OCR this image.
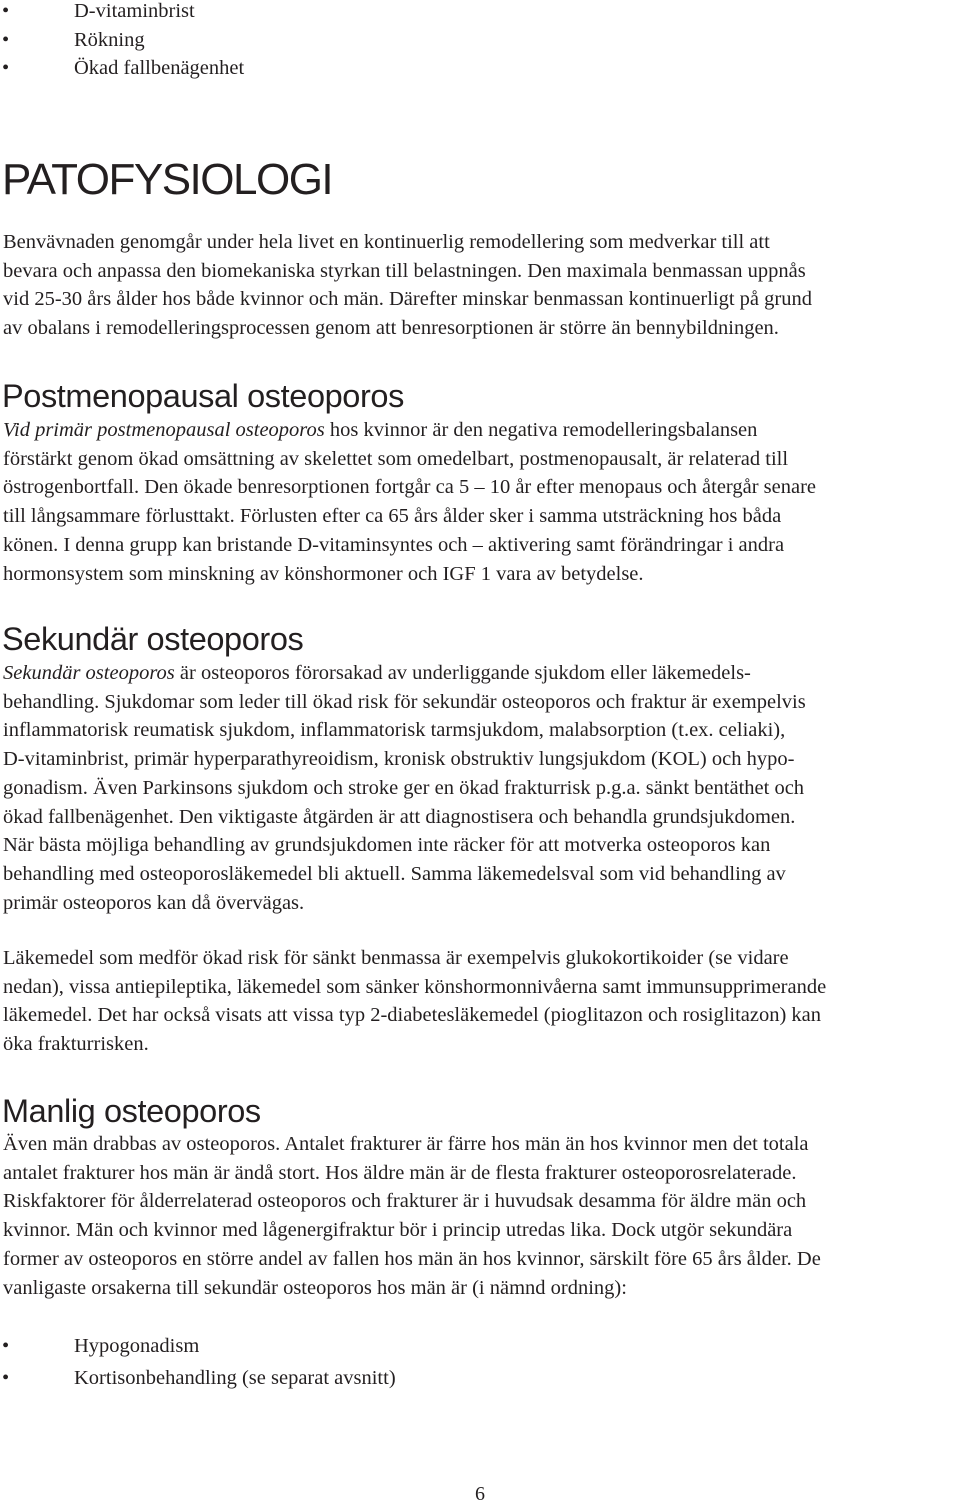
•	D-vitaminbrist
•	Rökning
•	Ökad fallbenägenhet
PATOFYSIOLOGI

Benvävnaden genomgår under hela livet en kontinuerlig remodellering som medverkar till att
bevara och anpassa den biomekaniska styrkan till belastningen. Den maximala benmassan uppnås
vid 25-30 års ålder hos både kvinnor och män. Därefter minskar benmassan kontinuerligt på grund
av obalans i remodelleringsprocessen genom att benresorptionen är större än bennybildningen.

Postmenopausal osteoporos

Vid primär postmenopausal osteoporos hos kvinnor är den negativa remodelleringsbalansen
förstärkt genom ökad omsättning av skelettet som omedelbart, postmenopausalt, är relaterad till
östrogenbortfall. Den ökade benresorptionen fortgår ca 5 – 10 år efter menopaus och återgår senare
till långsammare förlusttakt. Förlusten efter ca 65 års ålder sker i samma utsträckning hos båda
könen. I denna grupp kan bristande D-vitaminsyntes och – aktivering samt förändringar i andra
hormonsystem som minskning av könshormoner och IGF 1 vara av betydelse.

Sekundär osteoporos

Sekundär osteoporos är osteoporos förorsakad av underliggande sjukdom eller läkemedels-
behandling. Sjukdomar som leder till ökad risk för sekundär osteoporos och fraktur är exempelvis
inflammatorisk reumatisk sjukdom, inflammatorisk tarmsjukdom, malabsorption (t.ex. celiaki),
D-vitaminbrist, primär hyperparathyreoidism, kronisk obstruktiv lungsjukdom (KOL) och hypo-
gonadism. Även Parkinsons sjukdom och stroke ger en ökad frakturrisk p.g.a. sänkt bentäthet och
ökad fallbenägenhet. Den viktigaste åtgärden är att diagnostisera och behandla grundsjukdomen.
När bästa möjliga behandling av grundsjukdomen inte räcker för att motverka osteoporos kan
behandling med osteoporosläkemedel bli aktuell. Samma läkemedelsval som vid behandling av
primär osteoporos kan då övervägas.

Läkemedel som medför ökad risk för sänkt benmassa är exempelvis glukokortikoider (se vidare
nedan), vissa antiepileptika, läkemedel som sänker könshormonnivåerna samt immunsupprimerande
läkemedel. Det har också visats att vissa typ 2-diabetesläkemedel (pioglitazon och rosiglitazon) kan
öka frakturrisken.

Manlig osteoporos

Även män drabbas av osteoporos. Antalet frakturer är färre hos män än hos kvinnor men det totala
antalet frakturer hos män är ändå stort. Hos äldre män är de flesta frakturer osteoporosrelaterade.
Riskfaktorer för ålderrelaterad osteoporos och frakturer är i huvudsak desamma för äldre män och
kvinnor. Män och kvinnor med lågenergifraktur bör i princip utredas lika. Dock utgör sekundära
former av osteoporos en större andel av fallen hos män än hos kvinnor, särskilt före 65 års ålder. De
vanligaste orsakerna till sekundär osteoporos hos män är (i nämnd ordning):

•	Hypogonadism
•	Kortisonbehandling (se separat avsnitt)
6
